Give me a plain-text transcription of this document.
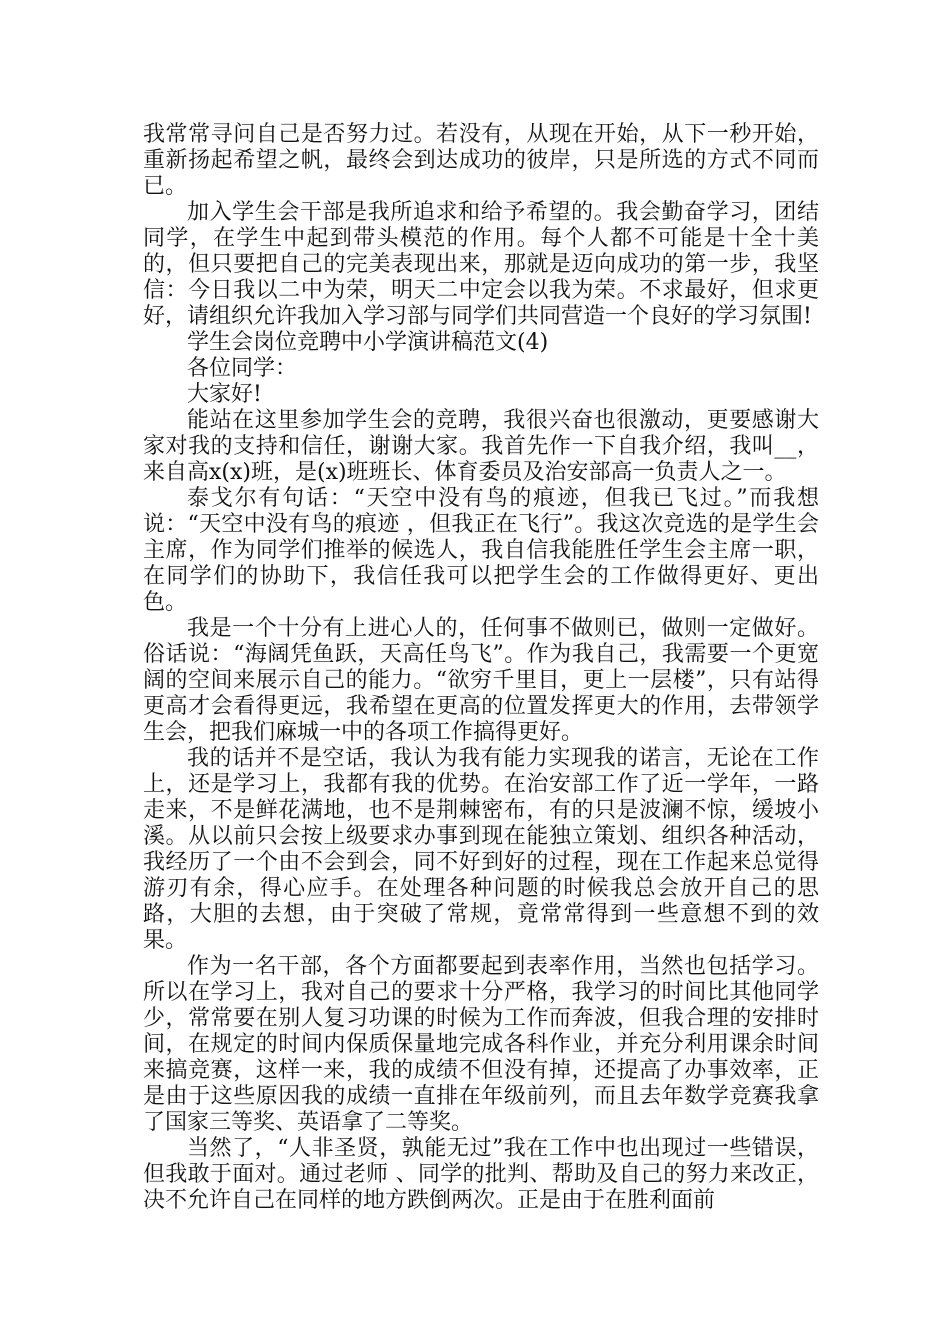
我常常寻问自己是否努力过。若没有，从现在开始，从下一秒开始，重新扬起希望之帆，最终会到达成功的彼岸，只是所选的方式不同而已。

加入学生会干部是我所追求和给予希望的。我会勤奋学习，团结同学，在学生中起到带头模范的作用。每个人都不可能是十全十美的，但只要把自己的完美表现出来，那就是迈向成功的第一步，我坚信：今日我以二中为荣，明天二中定会以我为荣。不求最好，但求更好，请组织允许我加入学习部与同学们共同营造一个良好的学习氛围!

学生会岗位竞聘中小学演讲稿范文(4)

各位同学：

大家好!

能站在这里参加学生会的竞聘，我很兴奋也很激动，更要感谢大家对我的支持和信任，谢谢大家。我首先作一下自我介绍，我叫__，来自高x(x)班，是(x)班班长、体育委员及治安部高一负责人之一。

泰戈尔有句话：“天空中没有鸟的痕迹，但我已飞过。”而我想说：“天空中没有鸟的痕迹 ，但我正在飞行”。我这次竞选的是学生会主席，作为同学们推举的候选人，我自信我能胜任学生会主席一职，在同学们的协助下，我信任我可以把学生会的工作做得更好、更出色。

我是一个十分有上进心人的，任何事不做则已，做则一定做好。俗话说：“海阔凭鱼跃，天高任鸟飞”。作为我自己，我需要一个更宽阔的空间来展示自己的能力。“欲穷千里目，更上一层楼”，只有站得更高才会看得更远，我希望在更高的位置发挥更大的作用，去带领学生会，把我们麻城一中的各项工作搞得更好。

我的话并不是空话，我认为我有能力实现我的诺言，无论在工作上，还是学习上，我都有我的优势。在治安部工作了近一学年，一路走来，不是鲜花满地，也不是荆棘密布，有的只是波澜不惊，缓坡小溪。从以前只会按上级要求办事到现在能独立策划、组织各种活动，我经历了一个由不会到会，同不好到好的过程，现在工作起来总觉得游刃有余，得心应手。在处理各种问题的时候我总会放开自己的思路，大胆的去想，由于突破了常规，竟常常得到一些意想不到的效果。

作为一名干部，各个方面都要起到表率作用，当然也包括学习。所以在学习上，我对自己的要求十分严格，我学习的时间比其他同学少，常常要在别人复习功课的时候为工作而奔波，但我合理的安排时间，在规定的时间内保质保量地完成各科作业，并充分利用课余时间来搞竞赛，这样一来，我的成绩不但没有掉，还提高了办事效率，正是由于这些原因我的成绩一直排在年级前列，而且去年数学竞赛我拿了国家三等奖、英语拿了二等奖。

当然了，“人非圣贤，孰能无过”我在工作中也出现过一些错误，但我敢于面对。通过老师 、同学的批判、帮助及自己的努力来改正，决不允许自己在同样的地方跌倒两次。正是由于在胜利面前
